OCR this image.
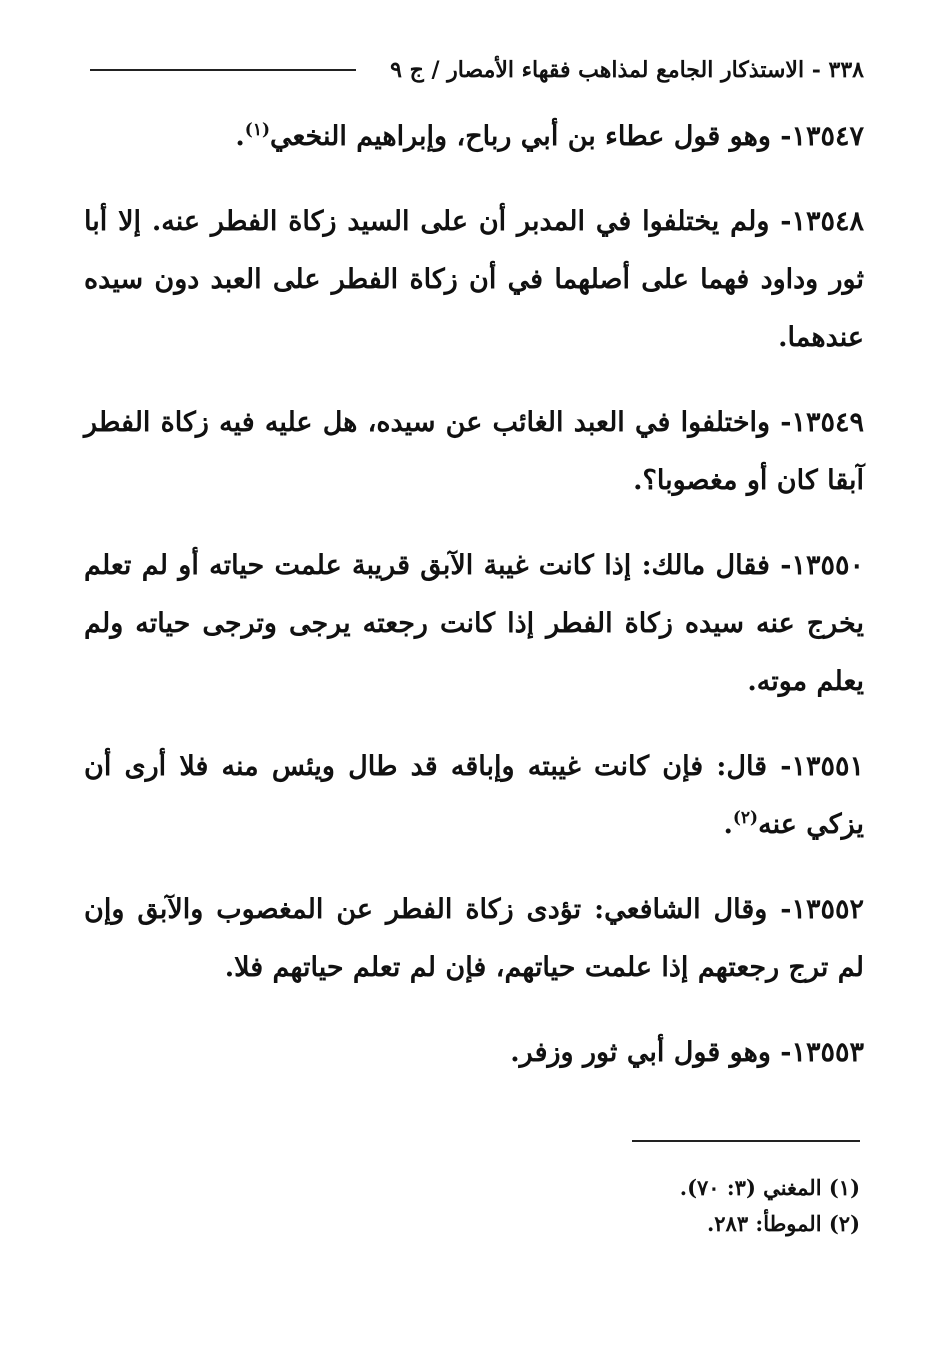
٣٣٨ - الاستذكار الجامع لمذاهب فقهاء الأمصار / ج ٩

١٣٥٤٧- وهو قول عطاء بن أبي رباح، وإبراهيم النخعي$^{(١)}$.

١٣٥٤٨- ولم يختلفوا في المدبر أن على السيد زكاة الفطر عنه. إلا أبا ثور وداود فهما على أصلهما في أن زكاة الفطر على العبد دون سيده عندهما.

١٣٥٤٩- واختلفوا في العبد الغائب عن سيده، هل عليه فيه زكاة الفطر آبقا كان أو مغصوبا؟.

١٣٥٥٠- فقال مالك: إذا كانت غيبة الآبق قريبة علمت حياته أو لم تعلم يخرج عنه سيده زكاة الفطر إذا كانت رجعته يرجى وترجى حياته ولم يعلم موته.

١٣٥٥١- قال: فإن كانت غيبته وإباقه قد طال ويئس منه فلا أرى أن يزكي عنه$^{(٢)}$.

١٣٥٥٢- وقال الشافعي: تؤدى زكاة الفطر عن المغصوب والآبق وإن لم ترج رجعتهم إذا علمت حياتهم، فإن لم تعلم حياتهم فلا.

١٣٥٥٣- وهو قول أبي ثور وزفر.

(١) المغني (٣: ٧٠).

(٢) الموطأ: ٢٨٣.
